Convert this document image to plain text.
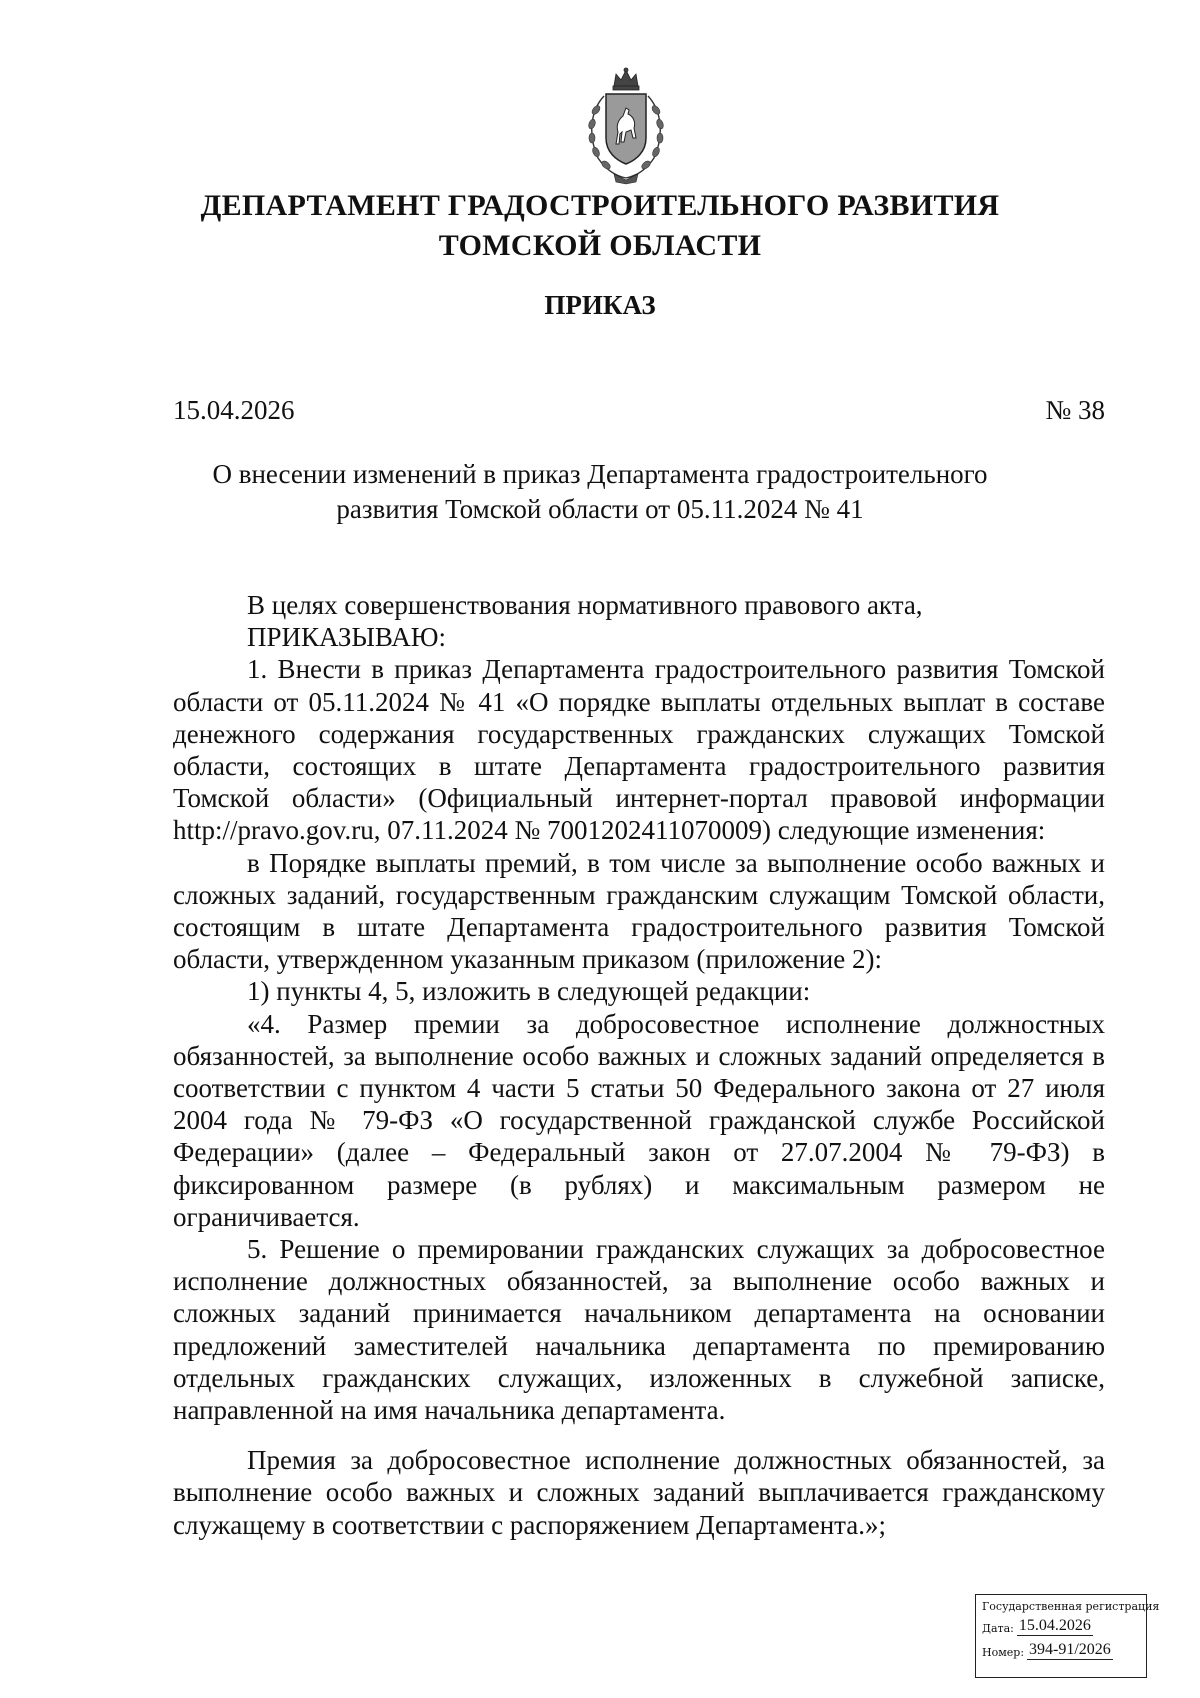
ДЕПАРТАМЕНТ ГРАДОСТРОИТЕЛЬНОГО РАЗВИТИЯ
ТОМСКОЙ ОБЛАСТИ
ПРИКАЗ
15.04.2026	№ 38
О внесении изменений в приказ Департамента градостроительного
развития Томской области от 05.11.2024 № 41

В целях совершенствования нормативного правового акта,

ПРИКАЗЫВАЮ:

1. Внести в приказ Департамента градостроительного развития Томской области от 05.11.2024 № 41 «О порядке выплаты отдельных выплат в составе денежного содержания государственных гражданских служащих Томской области, состоящих в штате Департамента градостроительного развития Томской области» (Официальный интернет-портал правовой информации http://pravo.gov.ru, 07.11.2024 № 7001202411070009) следующие изменения:

в Порядке выплаты премий, в том числе за выполнение особо важных и сложных заданий, государственным гражданским служащим Томской области, состоящим в штате Департамента градостроительного развития Томской области, утвержденном указанным приказом (приложение 2):

1) пункты 4, 5, изложить в следующей редакции:

«4. Размер премии за добросовестное исполнение должностных обязанностей, за выполнение особо важных и сложных заданий определяется в соответствии с пунктом 4 части 5 статьи 50 Федерального закона от 27 июля 2004 года № 79-ФЗ «О государственной гражданской службе Российской Федерации» (далее – Федеральный закон от 27.07.2004 № 79-ФЗ) в фиксированном размере (в рублях) и максимальным размером не ограничивается.

5. Решение о премировании гражданских служащих за добросовестное исполнение должностных обязанностей, за выполнение особо важных и сложных заданий принимается начальником департамента на основании предложений заместителей начальника департамента по премированию отдельных гражданских служащих, изложенных в служебной записке, направленной на имя начальника департамента.

Премия за добросовестное исполнение должностных обязанностей, за выполнение особо важных и сложных заданий выплачивается гражданскому служащему в соответствии с распоряжением Департамента.»;

Государственная регистрация
Дата: 15.04.2026
Номер: 394-91/2026
